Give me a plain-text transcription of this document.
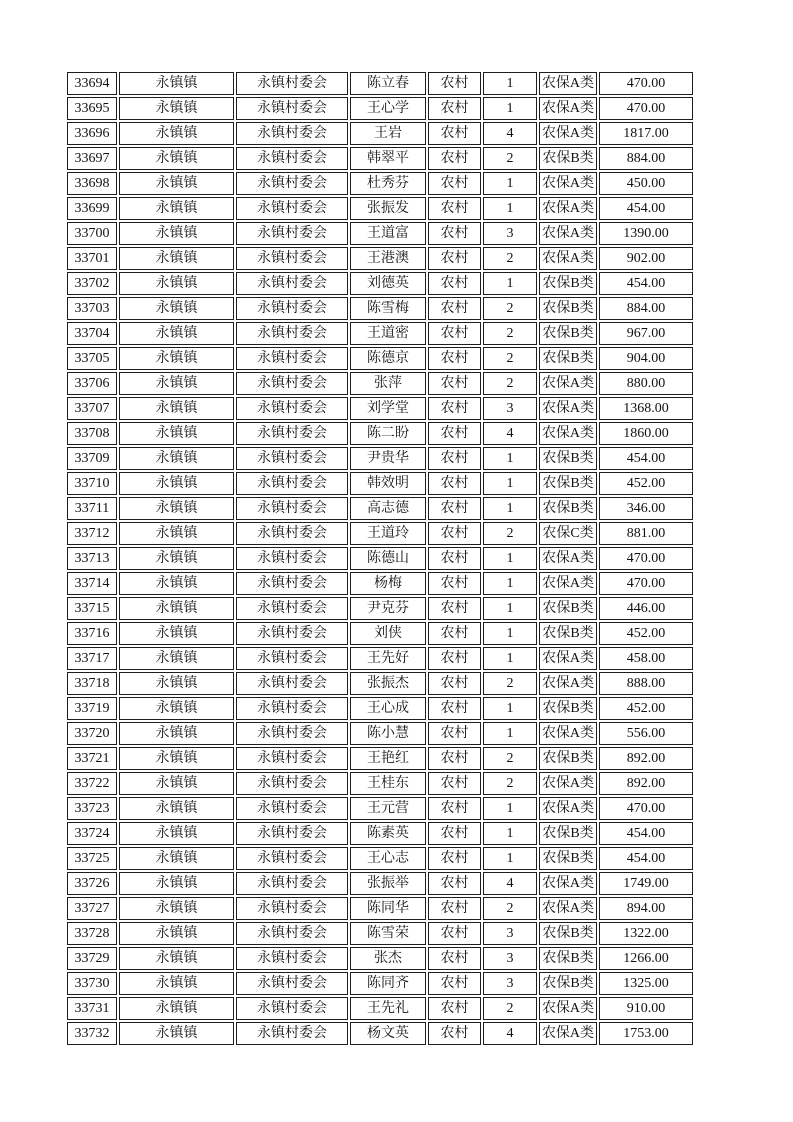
33694	永镇镇	永镇村委会	陈立春	农村	1	农保A类	470.00
33695	永镇镇	永镇村委会	王心学	农村	1	农保A类	470.00
33696	永镇镇	永镇村委会	王岩	农村	4	农保A类	1817.00
33697	永镇镇	永镇村委会	韩翠平	农村	2	农保B类	884.00
33698	永镇镇	永镇村委会	杜秀芬	农村	1	农保A类	450.00
33699	永镇镇	永镇村委会	张振发	农村	1	农保A类	454.00
33700	永镇镇	永镇村委会	王道富	农村	3	农保A类	1390.00
33701	永镇镇	永镇村委会	王港澳	农村	2	农保A类	902.00
33702	永镇镇	永镇村委会	刘德英	农村	1	农保B类	454.00
33703	永镇镇	永镇村委会	陈雪梅	农村	2	农保B类	884.00
33704	永镇镇	永镇村委会	王道密	农村	2	农保B类	967.00
33705	永镇镇	永镇村委会	陈德京	农村	2	农保B类	904.00
33706	永镇镇	永镇村委会	张萍	农村	2	农保A类	880.00
33707	永镇镇	永镇村委会	刘学堂	农村	3	农保A类	1368.00
33708	永镇镇	永镇村委会	陈二盼	农村	4	农保A类	1860.00
33709	永镇镇	永镇村委会	尹贵华	农村	1	农保B类	454.00
33710	永镇镇	永镇村委会	韩效明	农村	1	农保B类	452.00
33711	永镇镇	永镇村委会	高志德	农村	1	农保B类	346.00
33712	永镇镇	永镇村委会	王道玲	农村	2	农保C类	881.00
33713	永镇镇	永镇村委会	陈德山	农村	1	农保A类	470.00
33714	永镇镇	永镇村委会	杨梅	农村	1	农保A类	470.00
33715	永镇镇	永镇村委会	尹克芬	农村	1	农保B类	446.00
33716	永镇镇	永镇村委会	刘侠	农村	1	农保B类	452.00
33717	永镇镇	永镇村委会	王先好	农村	1	农保A类	458.00
33718	永镇镇	永镇村委会	张振杰	农村	2	农保A类	888.00
33719	永镇镇	永镇村委会	王心成	农村	1	农保B类	452.00
33720	永镇镇	永镇村委会	陈小慧	农村	1	农保A类	556.00
33721	永镇镇	永镇村委会	王艳红	农村	2	农保B类	892.00
33722	永镇镇	永镇村委会	王桂东	农村	2	农保A类	892.00
33723	永镇镇	永镇村委会	王元营	农村	1	农保A类	470.00
33724	永镇镇	永镇村委会	陈素英	农村	1	农保B类	454.00
33725	永镇镇	永镇村委会	王心志	农村	1	农保B类	454.00
33726	永镇镇	永镇村委会	张振举	农村	4	农保A类	1749.00
33727	永镇镇	永镇村委会	陈同华	农村	2	农保A类	894.00
33728	永镇镇	永镇村委会	陈雪荣	农村	3	农保B类	1322.00
33729	永镇镇	永镇村委会	张杰	农村	3	农保B类	1266.00
33730	永镇镇	永镇村委会	陈同齐	农村	3	农保B类	1325.00
33731	永镇镇	永镇村委会	王先礼	农村	2	农保A类	910.00
33732	永镇镇	永镇村委会	杨文英	农村	4	农保A类	1753.00
